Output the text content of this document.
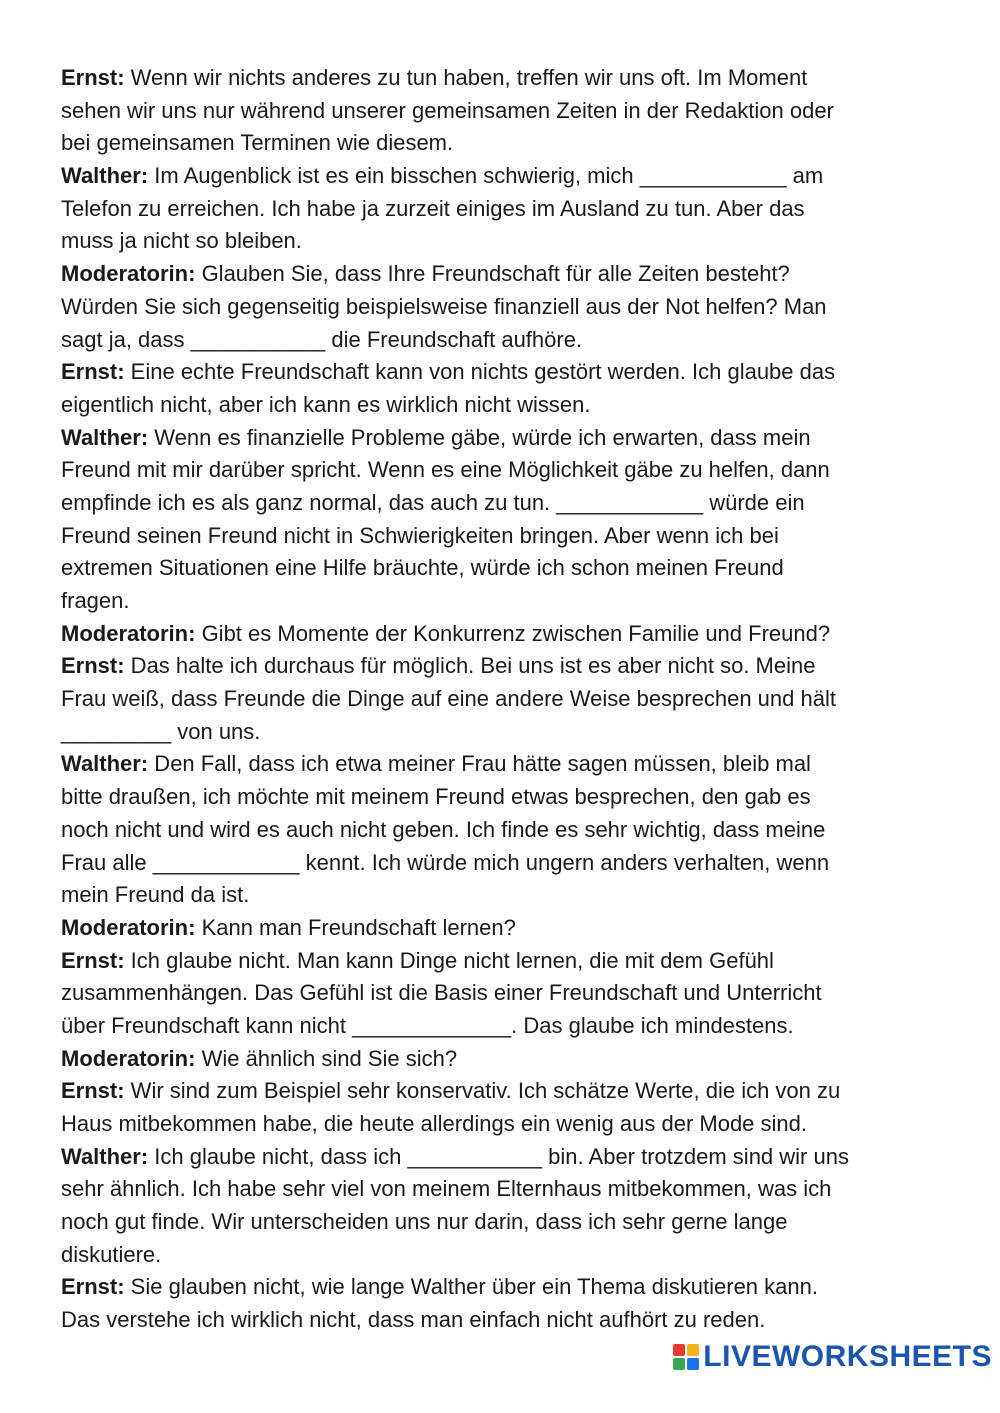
Ernst: Wenn wir nichts anderes zu tun haben, treffen wir uns oft. Im Moment
sehen wir uns nur während unserer gemeinsamen Zeiten in der Redaktion oder
bei gemeinsamen Terminen wie diesem.
Walther: Im Augenblick ist es ein bisschen schwierig, mich ____________ am
Telefon zu erreichen. Ich habe ja zurzeit einiges im Ausland zu tun. Aber das
muss ja nicht so bleiben.
Moderatorin: Glauben Sie, dass Ihre Freundschaft für alle Zeiten besteht?
Würden Sie sich gegenseitig beispielsweise finanziell aus der Not helfen? Man
sagt ja, dass ___________ die Freundschaft aufhöre.
Ernst: Eine echte Freundschaft kann von nichts gestört werden. Ich glaube das
eigentlich nicht, aber ich kann es wirklich nicht wissen.
Walther: Wenn es finanzielle Probleme gäbe, würde ich erwarten, dass mein
Freund mit mir darüber spricht. Wenn es eine Möglichkeit gäbe zu helfen, dann
empfinde ich es als ganz normal, das auch zu tun. ____________ würde ein
Freund seinen Freund nicht in Schwierigkeiten bringen. Aber wenn ich bei
extremen Situationen eine Hilfe bräuchte, würde ich schon meinen Freund
fragen.
Moderatorin: Gibt es Momente der Konkurrenz zwischen Familie und Freund?
Ernst: Das halte ich durchaus für möglich. Bei uns ist es aber nicht so. Meine
Frau weiß, dass Freunde die Dinge auf eine andere Weise besprechen und hält
_________ von uns.
Walther: Den Fall, dass ich etwa meiner Frau hätte sagen müssen, bleib mal
bitte draußen, ich möchte mit meinem Freund etwas besprechen, den gab es
noch nicht und wird es auch nicht geben. Ich finde es sehr wichtig, dass meine
Frau alle ____________ kennt. Ich würde mich ungern anders verhalten, wenn
mein Freund da ist.
Moderatorin: Kann man Freundschaft lernen?
Ernst: Ich glaube nicht. Man kann Dinge nicht lernen, die mit dem Gefühl
zusammenhängen. Das Gefühl ist die Basis einer Freundschaft und Unterricht
über Freundschaft kann nicht _____________. Das glaube ich mindestens.
Moderatorin: Wie ähnlich sind Sie sich?
Ernst: Wir sind zum Beispiel sehr konservativ. Ich schätze Werte, die ich von zu
Haus mitbekommen habe, die heute allerdings ein wenig aus der Mode sind.
Walther: Ich glaube nicht, dass ich ___________ bin. Aber trotzdem sind wir uns
sehr ähnlich. Ich habe sehr viel von meinem Elternhaus mitbekommen, was ich
noch gut finde. Wir unterscheiden uns nur darin, dass ich sehr gerne lange
diskutiere.
Ernst: Sie glauben nicht, wie lange Walther über ein Thema diskutieren kann.
Das verstehe ich wirklich nicht, dass man einfach nicht aufhört zu reden.
LIVEWORKSHEETS
